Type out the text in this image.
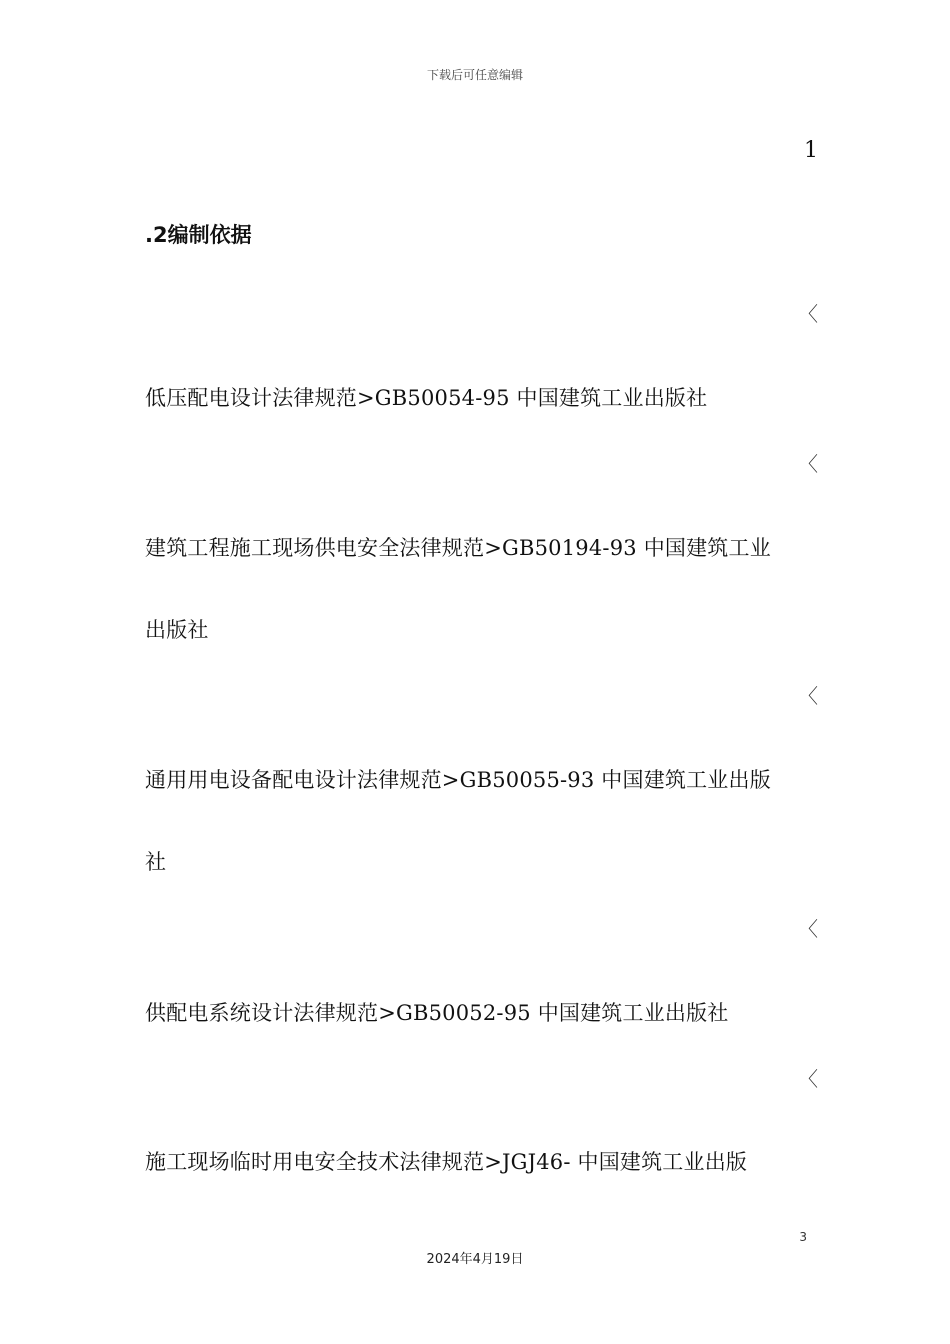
下载后可任意编辑
1
.2编制依据
〈
低压配电设计法律规范>GB50054-95 中国建筑工业出版社
〈
建筑工程施工现场供电安全法律规范>GB50194-93 中国建筑工业
出版社
〈
通用用电设备配电设计法律规范>GB50055-93 中国建筑工业出版
社
〈
供配电系统设计法律规范>GB50052-95 中国建筑工业出版社
〈
施工现场临时用电安全技术法律规范>JGJ46- 中国建筑工业出版
3
2024年4月19日
